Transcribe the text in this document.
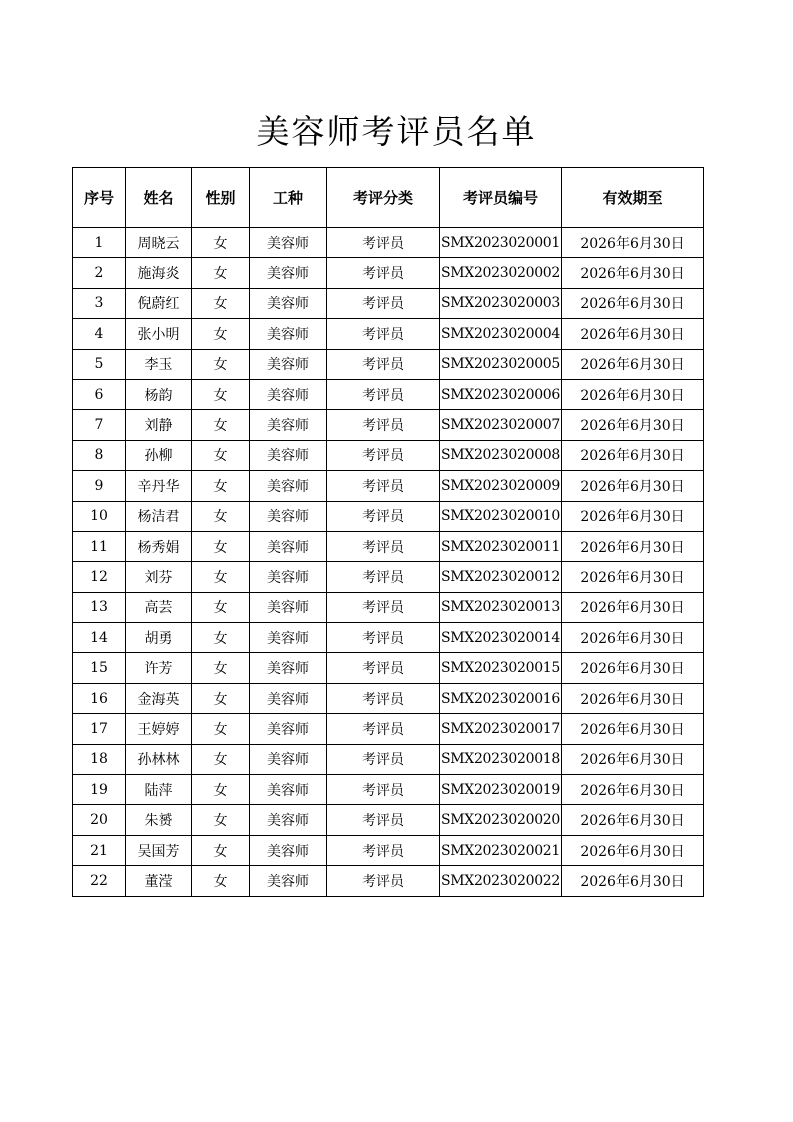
美容师考评员名单
序号	姓名	性别	工种	考评分类	考评员编号	有效期至
1	周晓云	女	美容师	考评员	SMX2023020001	2026年6月30日
2	施海炎	女	美容师	考评员	SMX2023020002	2026年6月30日
3	倪蔚红	女	美容师	考评员	SMX2023020003	2026年6月30日
4	张小明	女	美容师	考评员	SMX2023020004	2026年6月30日
5	李玉	女	美容师	考评员	SMX2023020005	2026年6月30日
6	杨韵	女	美容师	考评员	SMX2023020006	2026年6月30日
7	刘静	女	美容师	考评员	SMX2023020007	2026年6月30日
8	孙柳	女	美容师	考评员	SMX2023020008	2026年6月30日
9	辛丹华	女	美容师	考评员	SMX2023020009	2026年6月30日
10	杨洁君	女	美容师	考评员	SMX2023020010	2026年6月30日
11	杨秀娟	女	美容师	考评员	SMX2023020011	2026年6月30日
12	刘芬	女	美容师	考评员	SMX2023020012	2026年6月30日
13	高芸	女	美容师	考评员	SMX2023020013	2026年6月30日
14	胡勇	女	美容师	考评员	SMX2023020014	2026年6月30日
15	许芳	女	美容师	考评员	SMX2023020015	2026年6月30日
16	金海英	女	美容师	考评员	SMX2023020016	2026年6月30日
17	王婷婷	女	美容师	考评员	SMX2023020017	2026年6月30日
18	孙林林	女	美容师	考评员	SMX2023020018	2026年6月30日
19	陆萍	女	美容师	考评员	SMX2023020019	2026年6月30日
20	朱赟	女	美容师	考评员	SMX2023020020	2026年6月30日
21	吴国芳	女	美容师	考评员	SMX2023020021	2026年6月30日
22	董滢	女	美容师	考评员	SMX2023020022	2026年6月30日
